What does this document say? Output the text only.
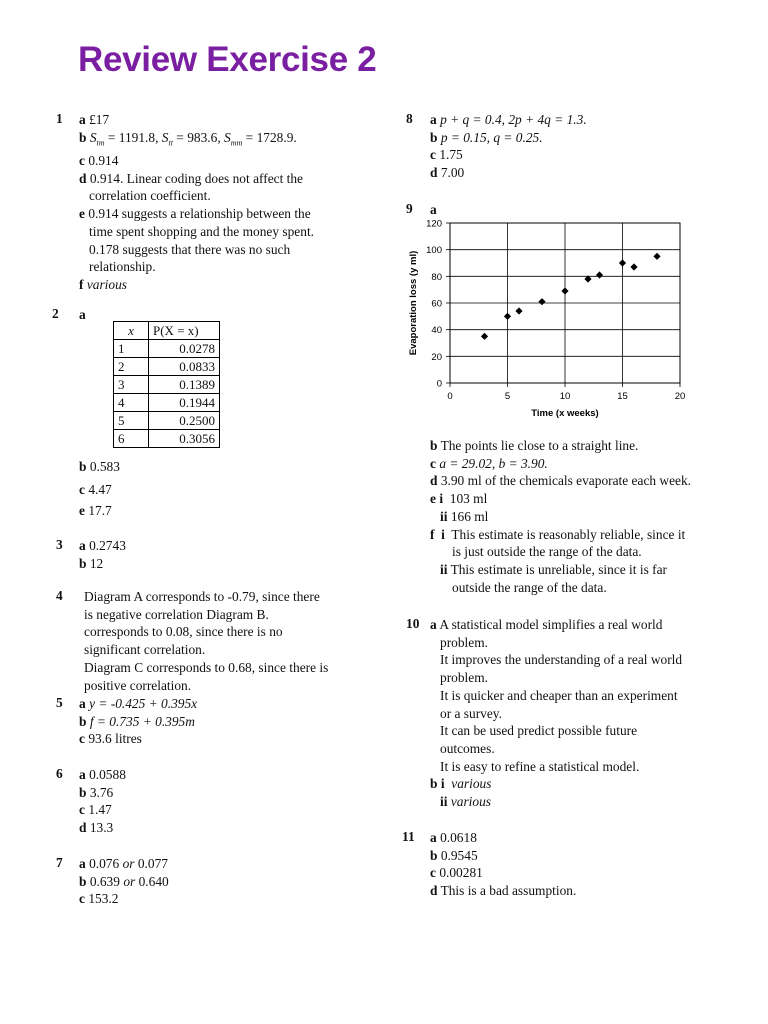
Review Exercise 2
1 a £17
b $S_{tm} = 1191.8$, $S_{tt} = 983.6$, $S_{mm} = 1728.9$.
c 0.914
d 0.914. Linear coding does not affect the
correlation coefficient.
e 0.914 suggests a relationship between the
time spent shopping and the money spent.
0.178 suggests that there was no such
relationship.
f various
2 a
x	P(X = x)
1	0.0278
2	0.0833
3	0.1389
4	0.1944
5	0.2500
6	0.3056
b 0.583
c 4.47
e 17.7
3 a 0.2743
b 12
4 Diagram A corresponds to -0.79, since there
is negative correlation Diagram B.
corresponds to 0.08, since there is no
significant correlation.
Diagram C corresponds to 0.68, since there is
positive correlation.
5 a y = -0.425 + 0.395x
b f = 0.735 + 0.395m
c 93.6 litres
6 a 0.0588
b 3.76
c 1.47
d 13.3
7 a 0.076 or 0.077
b 0.639 or 0.640
c 153.2
8 a p + q = 0.4, 2p + 4q = 1.3.
b p = 0.15, q = 0.25.
c 1.75
d 7.00
9 a
0	5	10	15	20
0
20
40
60
80
100
120
Time (x weeks)
Evaporation loss (y ml)
b The points lie close to a straight line.
c a = 29.02, b = 3.90.
d 3.90 ml of the chemicals evaporate each week.
e i 103 ml
ii 166 ml
f i This estimate is reasonably reliable, since it
is just outside the range of the data.
ii This estimate is unreliable, since it is far
outside the range of the data.
10 a A statistical model simplifies a real world
problem.
It improves the understanding of a real world
problem.
It is quicker and cheaper than an experiment
or a survey.
It can be used predict possible future
outcomes.
It is easy to refine a statistical model.
b i various
ii various
11 a 0.0618
b 0.9545
c 0.00281
d This is a bad assumption.
